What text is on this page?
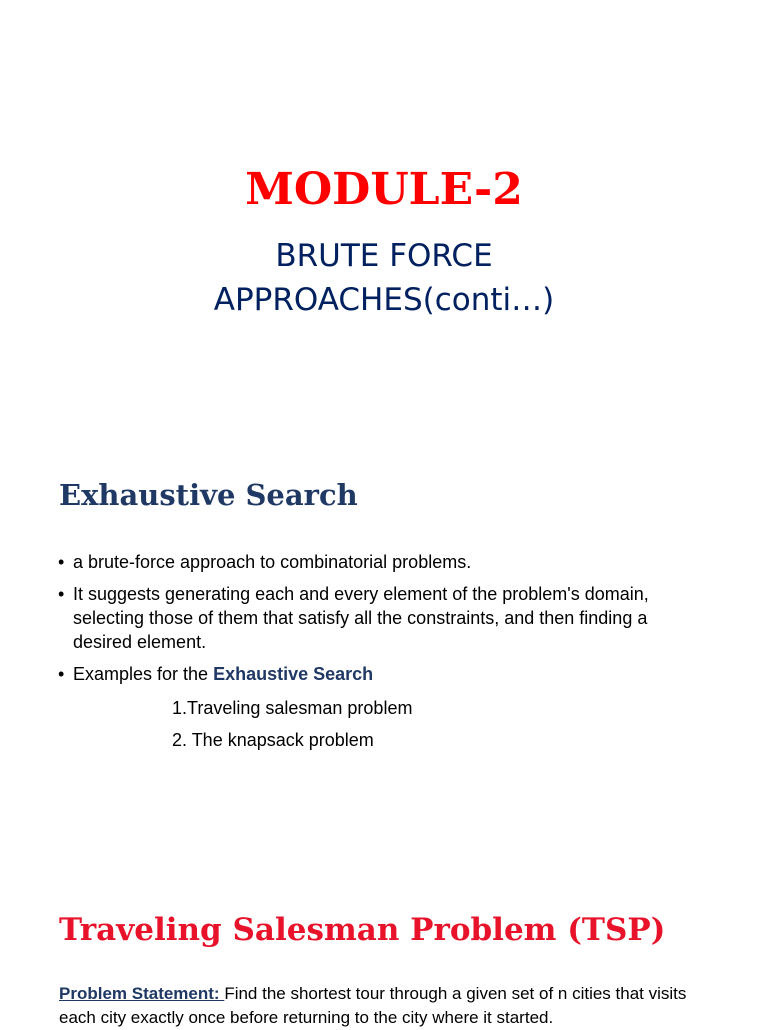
MODULE-2
BRUTE FORCE
APPROACHES(conti…)
Exhaustive Search
• a brute-force approach to combinatorial problems.
• It suggests generating each and every element of the problem's domain, selecting those of them that satisfy all the constraints, and then finding a desired element.
• Examples for the Exhaustive Search

1.Traveling salesman problem

2. The knapsack problem

Traveling Salesman Problem (TSP)

Problem Statement: Find the shortest tour through a given set of n cities that visits each city exactly once before returning to the city where it started.
